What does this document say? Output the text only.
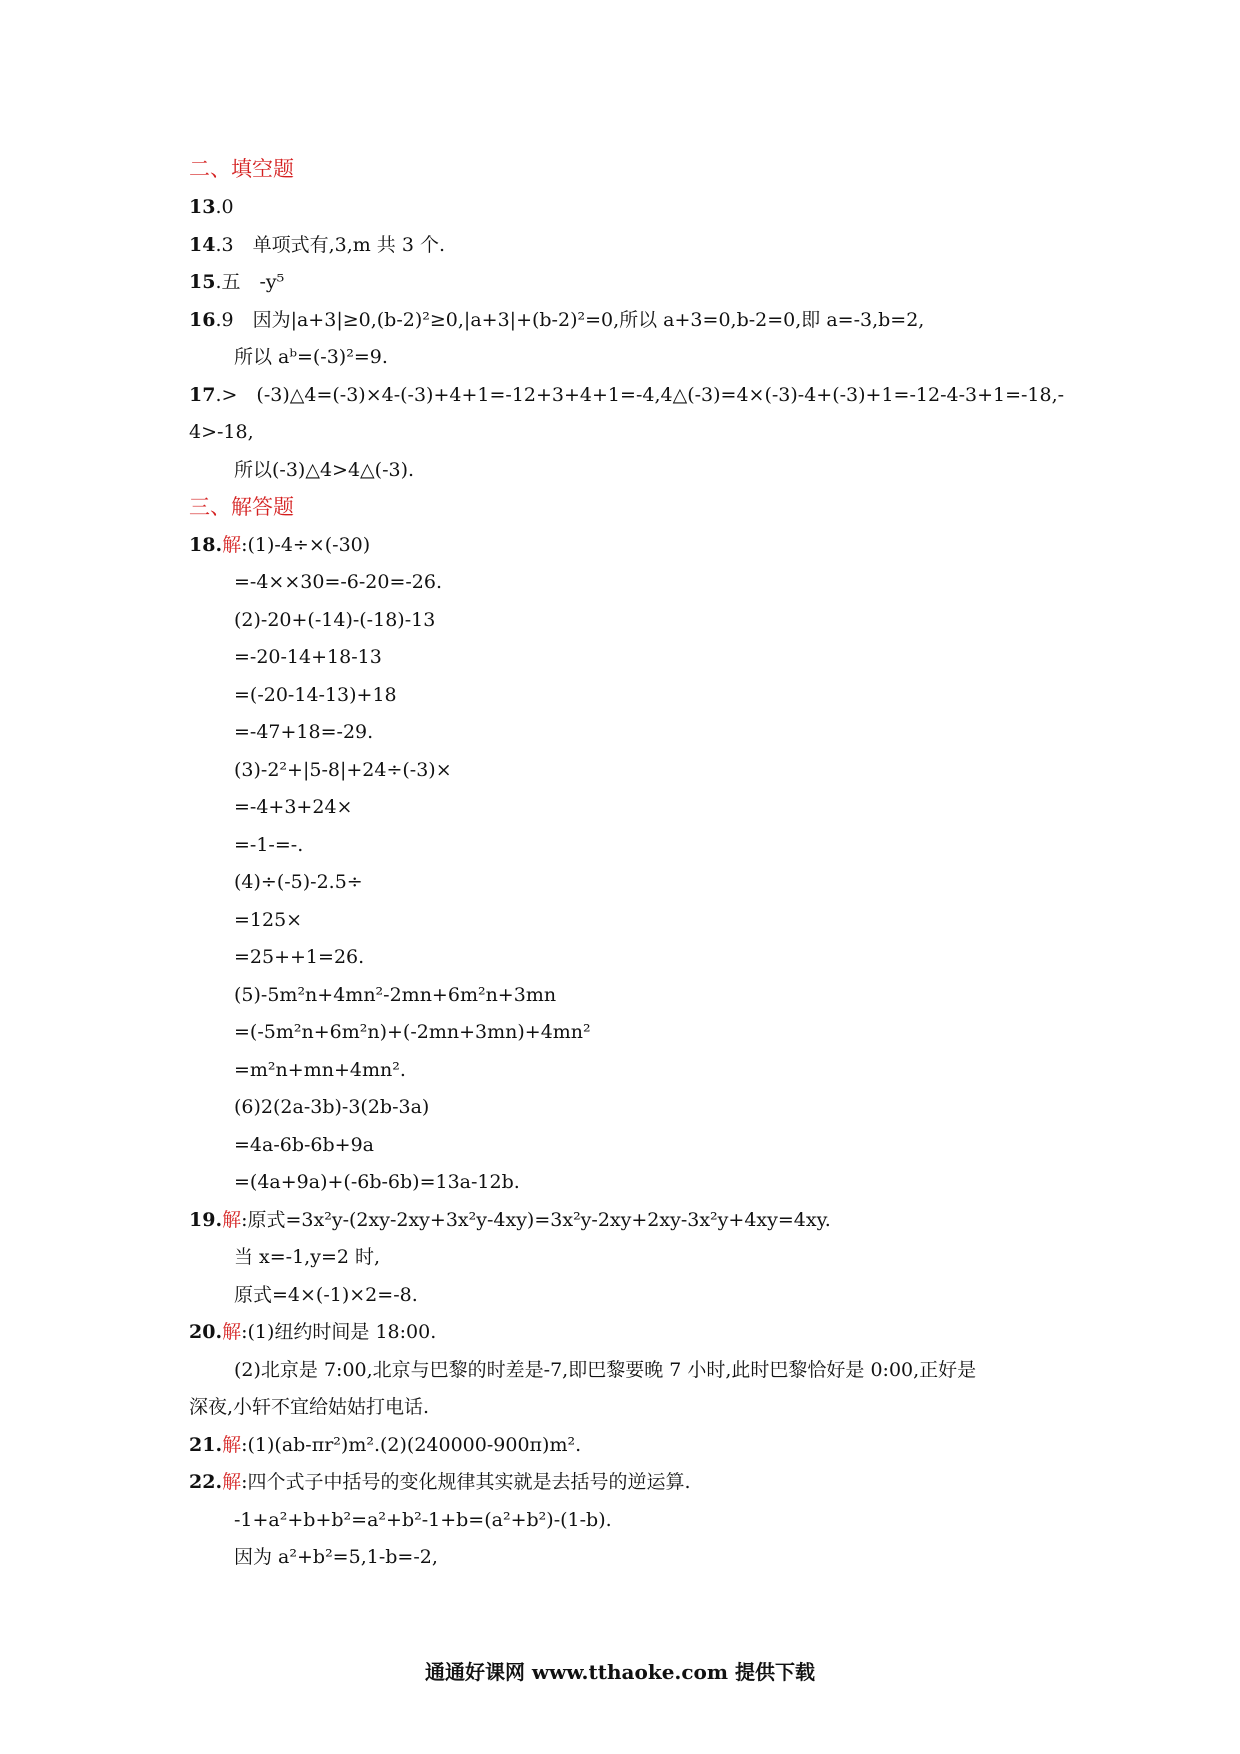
二、填空题
13.0
14.3　单项式有,3,m 共 3 个.
15.五　-y⁵
16.9　因为|a+3|≥0,(b-2)²≥0,|a+3|+(b-2)²=0,所以 a+3=0,b-2=0,即 a=-3,b=2,
所以 aᵇ=(-3)²=9.
17.>　(-3)△4=(-3)×4-(-3)+4+1=-12+3+4+1=-4,4△(-3)=4×(-3)-4+(-3)+1=-12-4-3+1=-18,-
4>-18,
所以(-3)△4>4△(-3).
三、解答题
18.解:(1)-4÷×(-30)
=-4××30=-6-20=-26.
(2)-20+(-14)-(-18)-13
=-20-14+18-13
=(-20-14-13)+18
=-47+18=-29.
(3)-2²+|5-8|+24÷(-3)×
=-4+3+24×
=-1-=-.
(4)÷(-5)-2.5÷
=125×
=25++1=26.
(5)-5m²n+4mn²-2mn+6m²n+3mn
=(-5m²n+6m²n)+(-2mn+3mn)+4mn²
=m²n+mn+4mn².
(6)2(2a-3b)-3(2b-3a)
=4a-6b-6b+9a
=(4a+9a)+(-6b-6b)=13a-12b.
19.解:原式=3x²y-(2xy-2xy+3x²y-4xy)=3x²y-2xy+2xy-3x²y+4xy=4xy.
当 x=-1,y=2 时,
原式=4×(-1)×2=-8.
20.解:(1)纽约时间是 18:00.
(2)北京是 7:00,北京与巴黎的时差是-7,即巴黎要晚 7 小时,此时巴黎恰好是 0:00,正好是
深夜,小轩不宜给姑姑打电话.
21.解:(1)(ab-πr²)m².(2)(240000-900π)m².
22.解:四个式子中括号的变化规律其实就是去括号的逆运算.
-1+a²+b+b²=a²+b²-1+b=(a²+b²)-(1-b).
因为 a²+b²=5,1-b=-2,
通通好课网 www.tthaoke.com 提供下载
